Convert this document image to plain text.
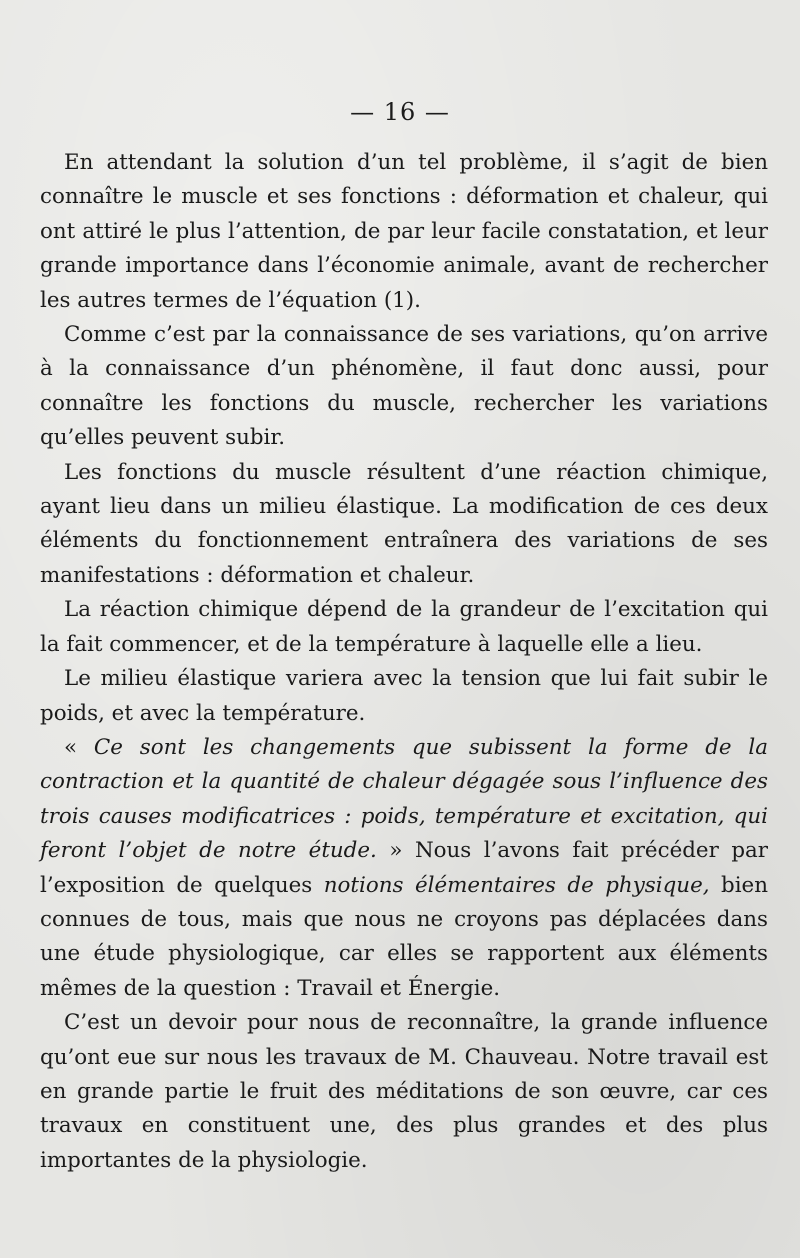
— 16 —

En attendant la solution d’un tel problème, il s’agit de bien connaître le muscle et ses fonctions : déformation et chaleur, qui ont attiré le plus l’attention, de par leur facile constatation, et leur grande importance dans l’économie animale, avant de rechercher les autres termes de l’équation (1).

Comme c’est par la connaissance de ses variations, qu’on arrive à la connaissance d’un phénomène, il faut donc aussi, pour connaître les fonctions du muscle, rechercher les variations qu’elles peuvent subir.

Les fonctions du muscle résultent d’une réaction chimique, ayant lieu dans un milieu élastique. La modification de ces deux éléments du fonctionnement entraînera des variations de ses manifestations : déformation et chaleur.

La réaction chimique dépend de la grandeur de l’excitation qui la fait commencer, et de la température à laquelle elle a lieu.

Le milieu élastique variera avec la tension que lui fait subir le poids, et avec la température.

« Ce sont les changements que subissent la forme de la contraction et la quantité de chaleur dégagée sous l’influence des trois causes modificatrices : poids, température et excitation, qui feront l’objet de notre étude. » Nous l’avons fait précéder par l’exposition de quelques notions élémentaires de physique, bien connues de tous, mais que nous ne croyons pas déplacées dans une étude physiologique, car elles se rapportent aux éléments mêmes de la question : Travail et Énergie.

C’est un devoir pour nous de reconnaître, la grande influence qu’ont eue sur nous les travaux de M. Chauveau. Notre travail est en grande partie le fruit des méditations de son œuvre, car ces travaux en constituent une, des plus grandes et des plus importantes de la physiologie.
